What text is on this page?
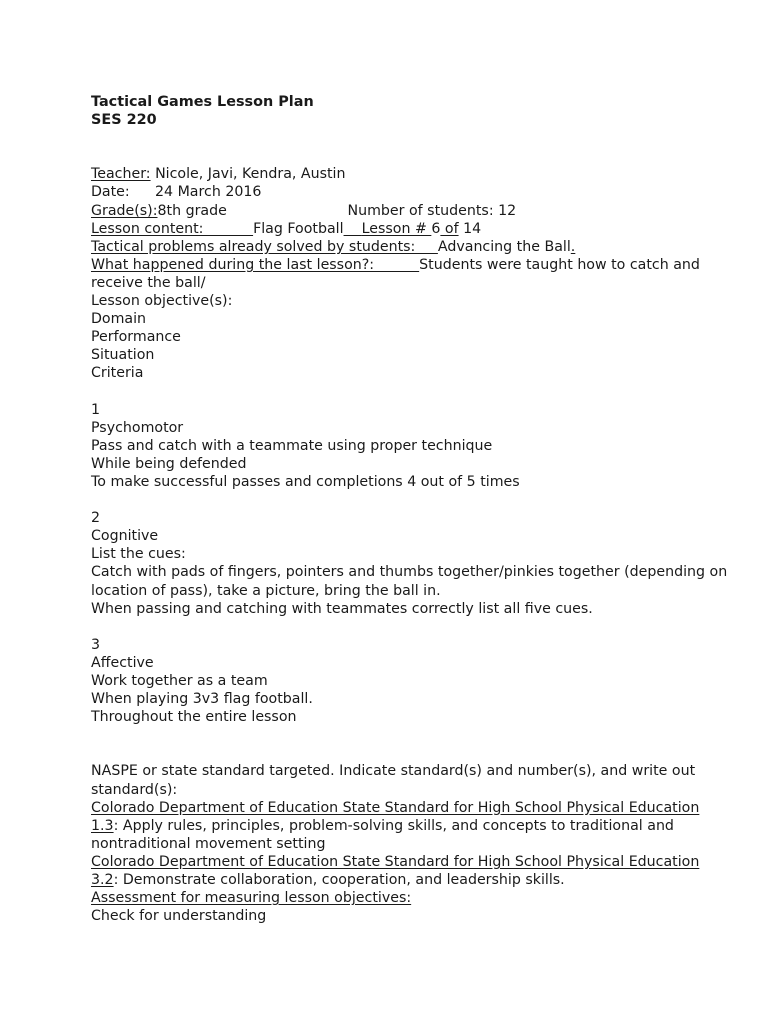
Tactical Games Lesson Plan
SES 220
Teacher: Nicole, Javi, Kendra, Austin
Date: 24 March 2016
Grade(s):8th grade	Number of students: 12
Lesson content:           Flag Football Lesson # 6 of 14
Tactical problems already solved by students:     Advancing the Ball.
What happened during the last lesson?:          Students were taught how to catch and receive the ball/
Lesson objective(s):
Domain
Performance
Situation
Criteria
1
Psychomotor
Pass and catch with a teammate using proper technique
While being defended
To make successful passes and completions 4 out of 5 times
2
Cognitive
List the cues:
Catch with pads of fingers, pointers and thumbs together/pinkies together (depending on location of pass), take a picture, bring the ball in.
When passing and catching with teammates correctly list all five cues.
3
Affective
Work together as a team
When playing 3v3 flag football.
Throughout the entire lesson
NASPE or state standard targeted. Indicate standard(s) and number(s), and write out standard(s):
Colorado Department of Education State Standard for High School Physical Education 1.3: Apply rules, principles, problem-solving skills, and concepts to traditional and nontraditional movement setting
Colorado Department of Education State Standard for High School Physical Education 3.2: Demonstrate collaboration, cooperation, and leadership skills.
Assessment for measuring lesson objectives:
Check for understanding
